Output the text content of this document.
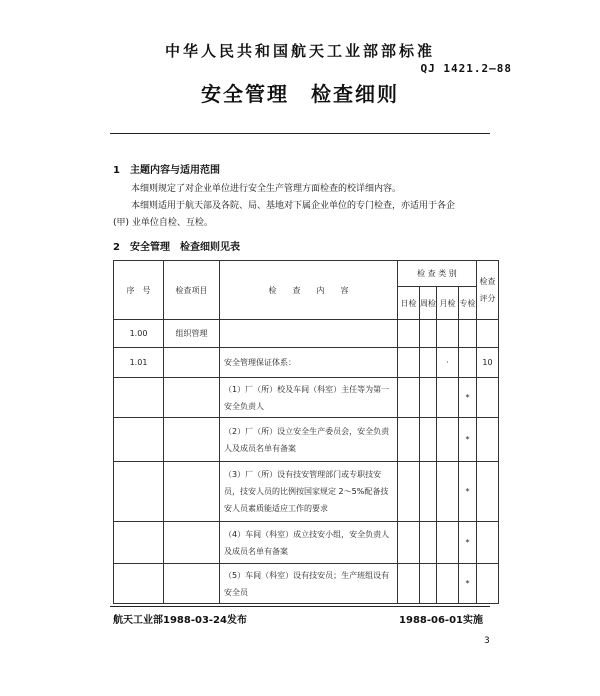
中华人民共和国航天工业部部标准
QJ 1421.2—88
安全管理　检查细则
1　主题内容与适用范围
本细则规定了对企业单位进行安全生产管理方面检查的校详细内容。
本细则适用于航天部及各院、局、基地对下属企业单位的专门检查，亦适用于各企
(甲) 业单位自检、互检。
2　安全管理　检查细则见表
序　号	检查项目	检　　查　　内　　容	检 查 类 别				检查评分
			日检	周检	月检	专检	
1.00	组织管理						
1.01		安全管理保证体系：			·		10
		（1）厂（所）校及车间（科室）主任等为第一安全负责人				*	
		（2）厂（所）设立安全生产委员会，安全负责人及成员名单有备案				*	
		（3）厂（所）设有技安管理部门或专职技安员，技安人员的比例按国家规定 2～5%配备技安人员素质能适应工作的要求				*	
		（4）车间（科室）成立技安小组，安全负责人及成员名单有备案				*	
		（5）车间（科室）设有技安员；生产班组设有安全员				*	
航天工业部1988-03-24发布	1988-06-01实施
3
